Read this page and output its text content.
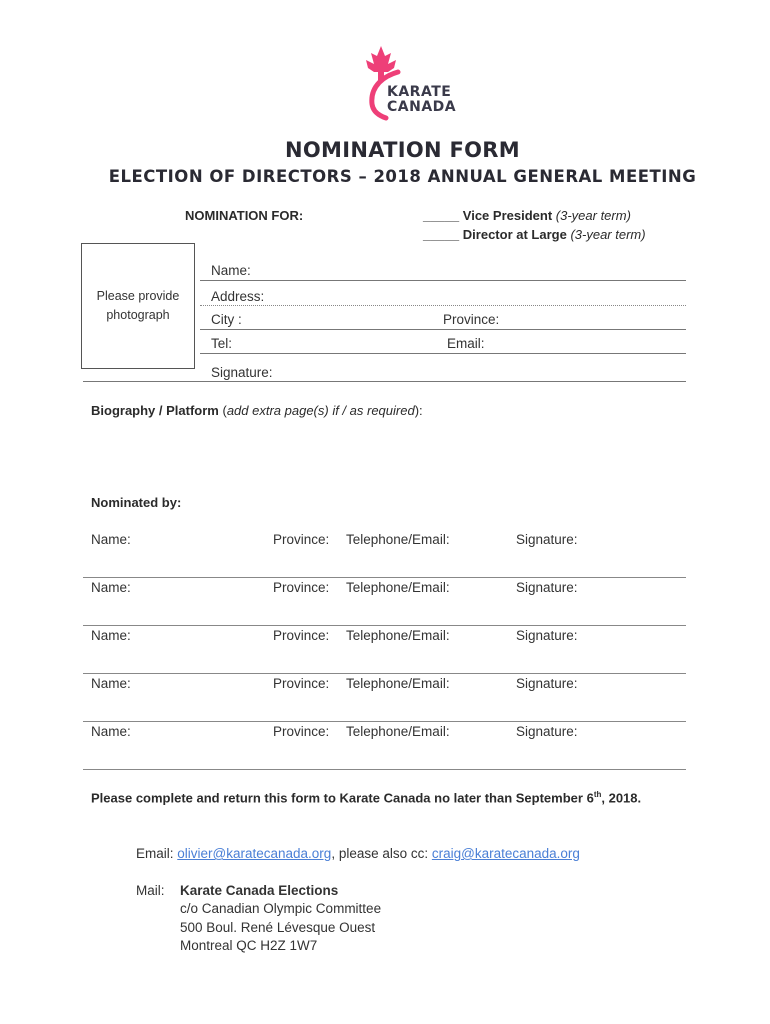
KARATE
CANADA
NOMINATION FORM
ELECTION OF DIRECTORS – 2018 ANNUAL GENERAL MEETING
NOMINATION FOR:	_____ Vice President (3-year term)
_____ Director at Large (3-year term)
Please provide
photograph
Name:
Address:
City :	Province:
Tel:	Email:
Signature:
Biography / Platform (add extra page(s) if / as required):
Nominated by:
Name:	Province: Telephone/Email:	Signature:
Name:	Province: Telephone/Email:	Signature:
Name:	Province: Telephone/Email:	Signature:
Name:	Province: Telephone/Email:	Signature:
Name:	Province: Telephone/Email:	Signature:
Please complete and return this form to Karate Canada no later than September 6th, 2018.
Email: olivier@karatecanada.org, please also cc: craig@karatecanada.org
Mail: Karate Canada Elections
c/o Canadian Olympic Committee
500 Boul. René Lévesque Ouest
Montreal QC H2Z 1W7
